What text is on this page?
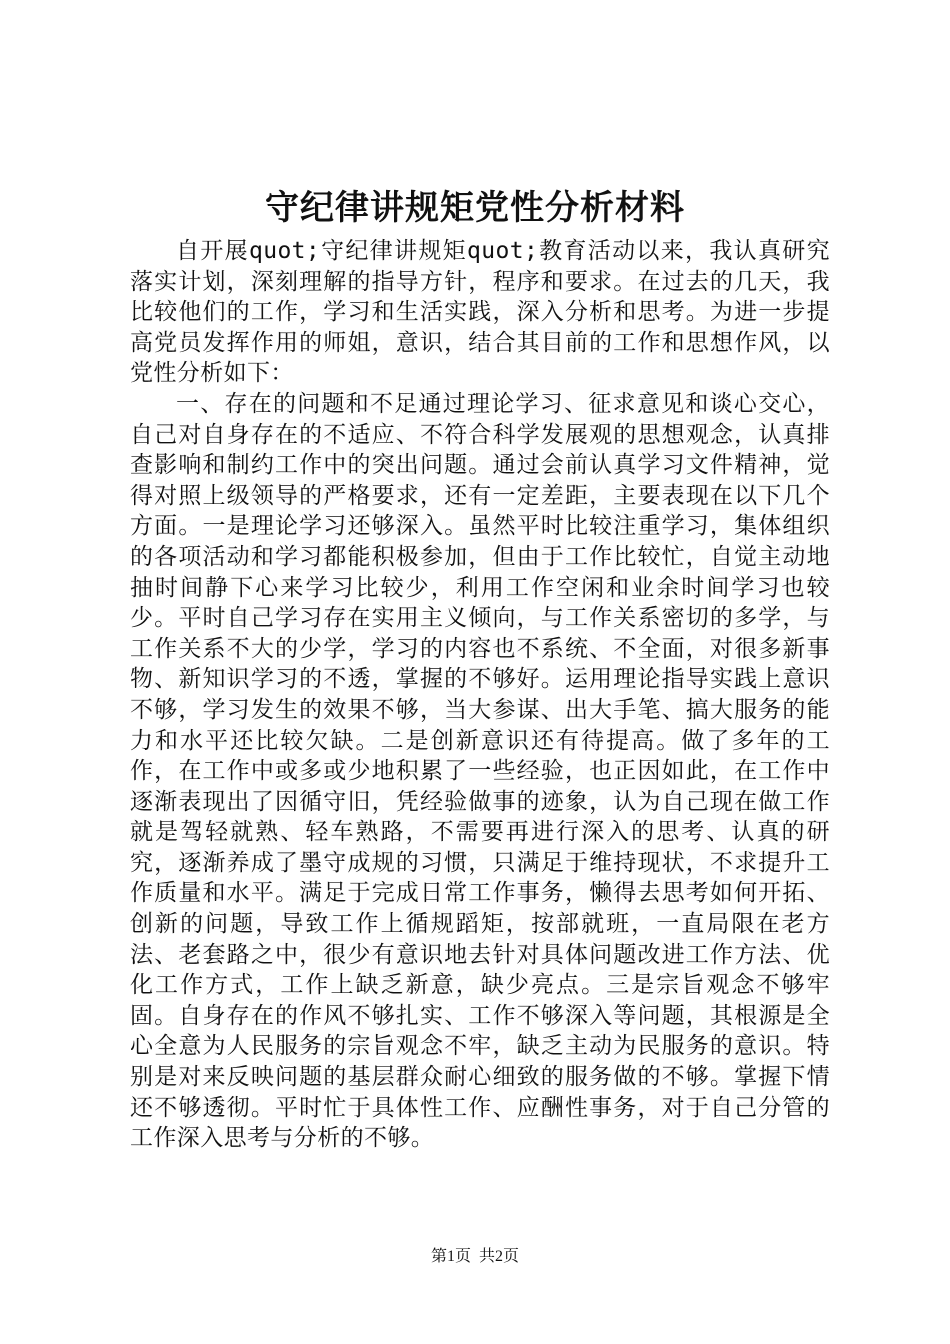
守纪律讲规矩党性分析材料

自开展quot;守纪律讲规矩quot;教育活动以来，我认真研究落实计划，深刻理解的指导方针，程序和要求。在过去的几天，我比较他们的工作，学习和生活实践，深入分析和思考。为进一步提高党员发挥作用的师姐，意识，结合其目前的工作和思想作风，以党性分析如下：

一、存在的问题和不足通过理论学习、征求意见和谈心交心，自己对自身存在的不适应、不符合科学发展观的思想观念，认真排查影响和制约工作中的突出问题。通过会前认真学习文件精神，觉得对照上级领导的严格要求，还有一定差距，主要表现在以下几个方面。一是理论学习还够深入。虽然平时比较注重学习，集体组织的各项活动和学习都能积极参加，但由于工作比较忙，自觉主动地抽时间静下心来学习比较少，利用工作空闲和业余时间学习也较少。平时自己学习存在实用主义倾向，与工作关系密切的多学，与工作关系不大的少学，学习的内容也不系统、不全面，对很多新事物、新知识学习的不透，掌握的不够好。运用理论指导实践上意识不够，学习发生的效果不够，当大参谋、出大手笔、搞大服务的能力和水平还比较欠缺。二是创新意识还有待提高。做了多年的工作，在工作中或多或少地积累了一些经验，也正因如此，在工作中逐渐表现出了因循守旧，凭经验做事的迹象，认为自己现在做工作就是驾轻就熟、轻车熟路，不需要再进行深入的思考、认真的研究，逐渐养成了墨守成规的习惯，只满足于维持现状，不求提升工作质量和水平。满足于完成日常工作事务，懒得去思考如何开拓、创新的问题，导致工作上循规蹈矩，按部就班，一直局限在老方法、老套路之中，很少有意识地去针对具体问题改进工作方法、优化工作方式，工作上缺乏新意，缺少亮点。三是宗旨观念不够牢固。自身存在的作风不够扎实、工作不够深入等问题，其根源是全心全意为人民服务的宗旨观念不牢，缺乏主动为民服务的意识。特别是对来反映问题的基层群众耐心细致的服务做的不够。掌握下情还不够透彻。平时忙于具体性工作、应酬性事务，对于自己分管的工作深入思考与分析的不够。

第1页 共2页
